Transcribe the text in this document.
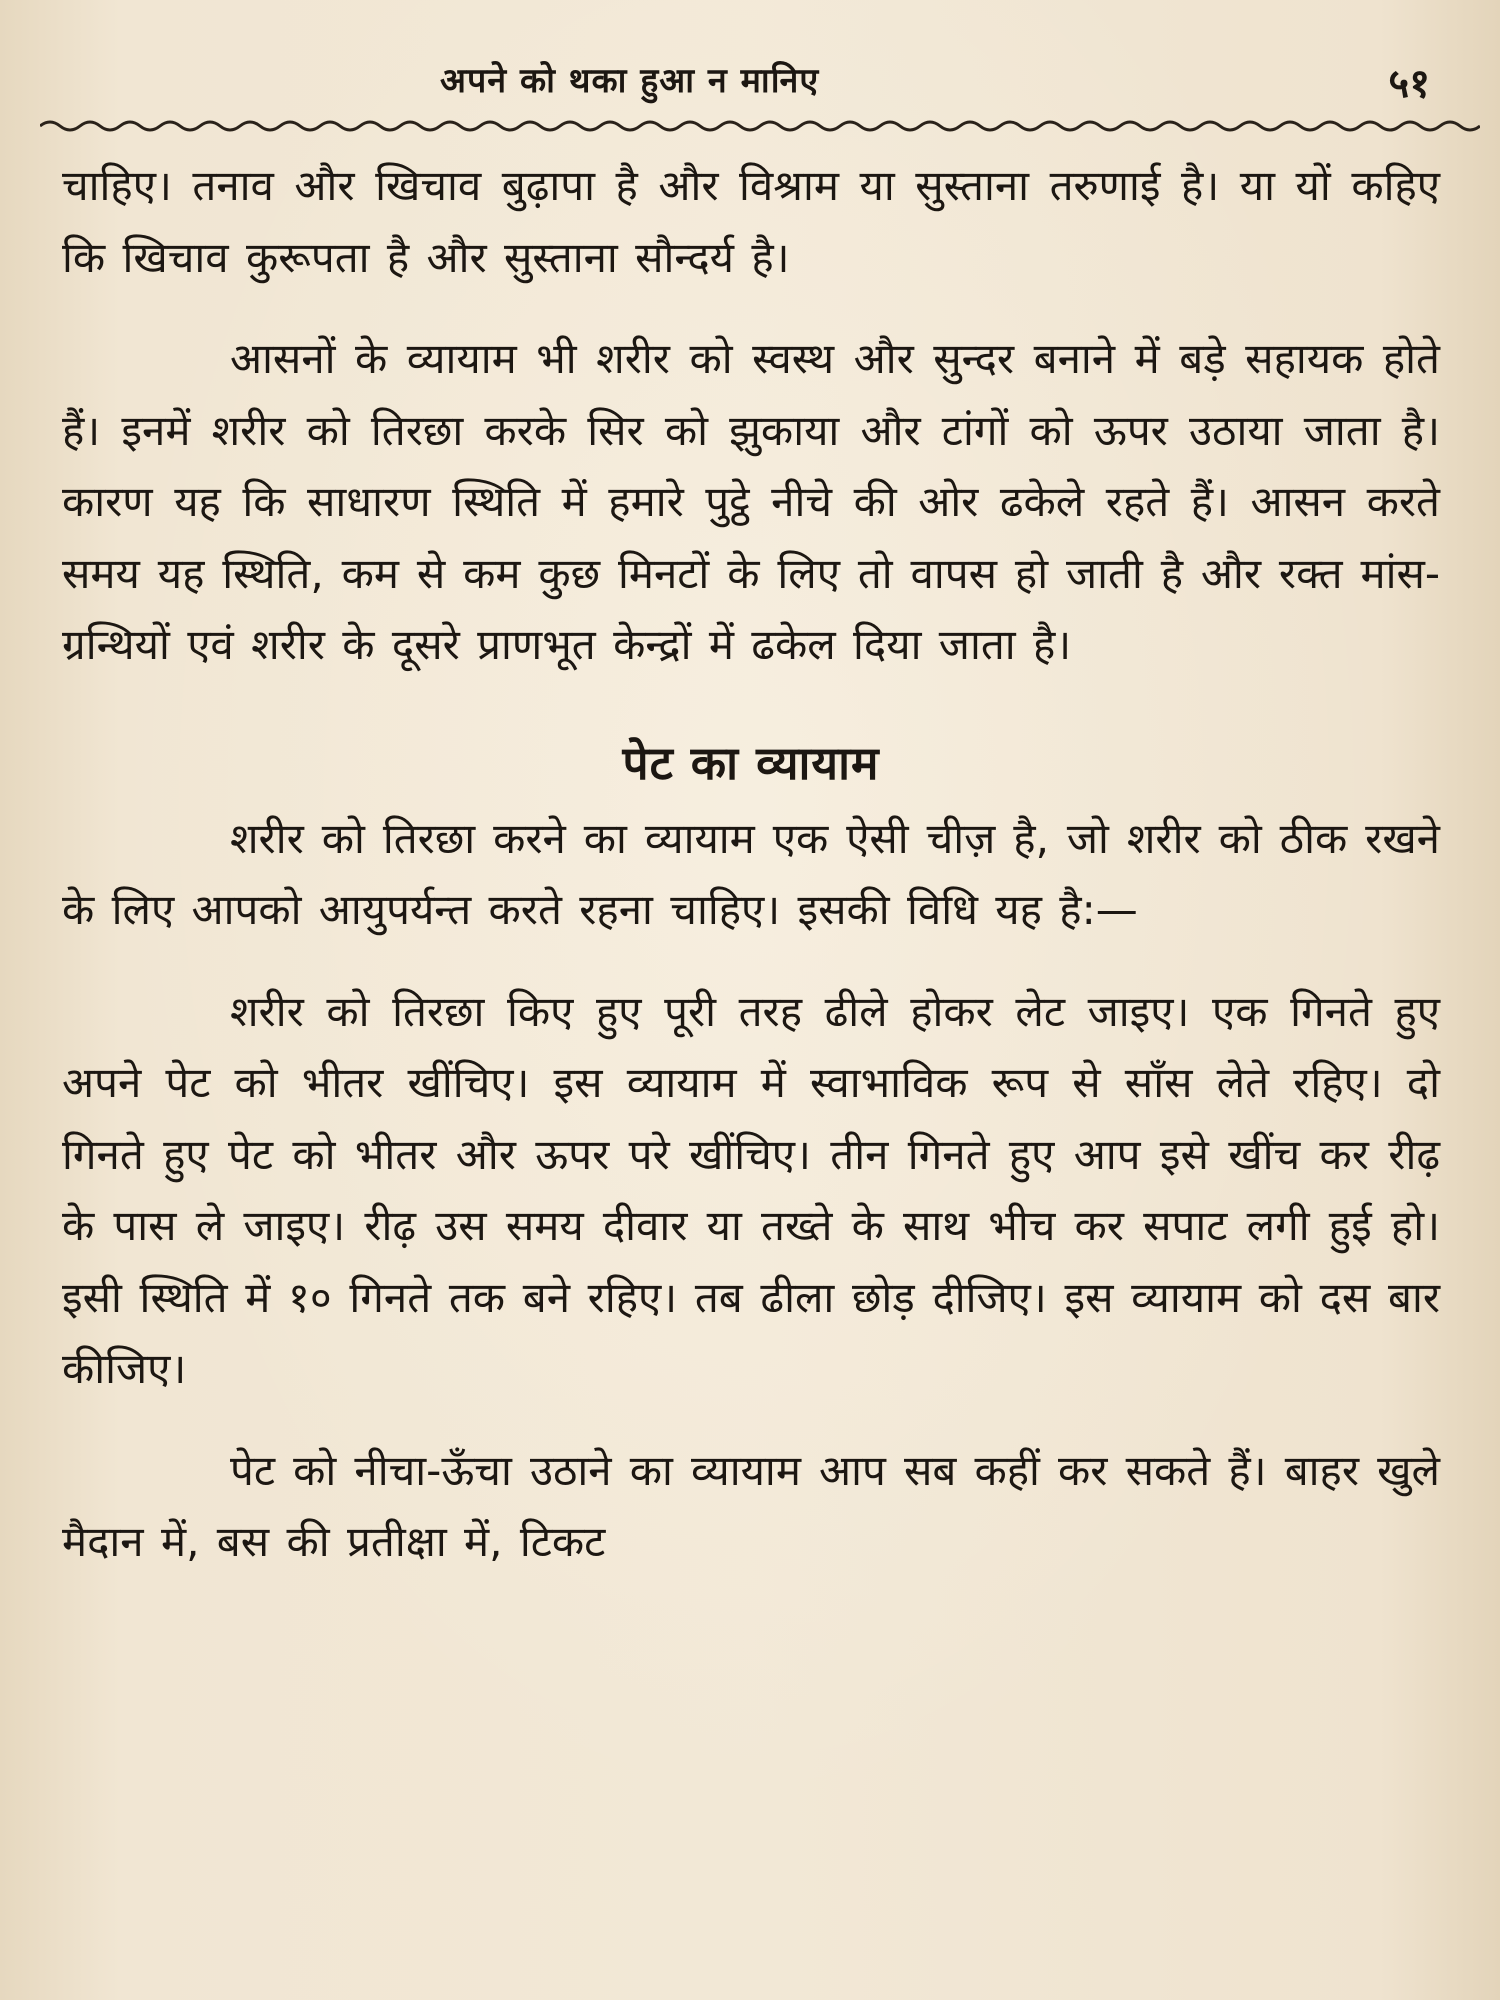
अपने को थका हुआ न मानिए	५१

चाहिए। तनाव और खिचाव बुढ़ापा है और विश्राम या सुस्ताना तरुणाई है। या यों कहिए कि खिचाव कुरूपता है और सुस्ताना सौन्दर्य है।

आसनों के व्यायाम भी शरीर को स्वस्थ और सुन्दर बनाने में बड़े सहायक होते हैं। इनमें शरीर को तिरछा करके सिर को झुकाया और टांगों को ऊपर उठाया जाता है। कारण यह कि साधारण स्थिति में हमारे पुट्ठे नीचे की ओर ढकेले रहते हैं। आसन करते समय यह स्थिति, कम से कम कुछ मिनटों के लिए तो वापस हो जाती है और रक्त मांस-ग्रन्थियों एवं शरीर के दूसरे प्राणभूत केन्द्रों में ढकेल दिया जाता है।

पेट का व्यायाम

शरीर को तिरछा करने का व्यायाम एक ऐसी चीज़ है, जो शरीर को ठीक रखने के लिए आपको आयुपर्यन्त करते रहना चाहिए। इसकी विधि यह है:—

शरीर को तिरछा किए हुए पूरी तरह ढीले होकर लेट जाइए। एक गिनते हुए अपने पेट को भीतर खींचिए। इस व्यायाम में स्वाभाविक रूप से साँस लेते रहिए। दो गिनते हुए पेट को भीतर और ऊपर परे खींचिए। तीन गिनते हुए आप इसे खींच कर रीढ़ के पास ले जाइए। रीढ़ उस समय दीवार या तख्ते के साथ भीच कर सपाट लगी हुई हो। इसी स्थिति में १० गिनते तक बने रहिए। तब ढीला छोड़ दीजिए। इस व्यायाम को दस बार कीजिए।

पेट को नीचा-ऊँचा उठाने का व्यायाम आप सब कहीं कर सकते हैं। बाहर खुले मैदान में, बस की प्रतीक्षा में, टिकट
